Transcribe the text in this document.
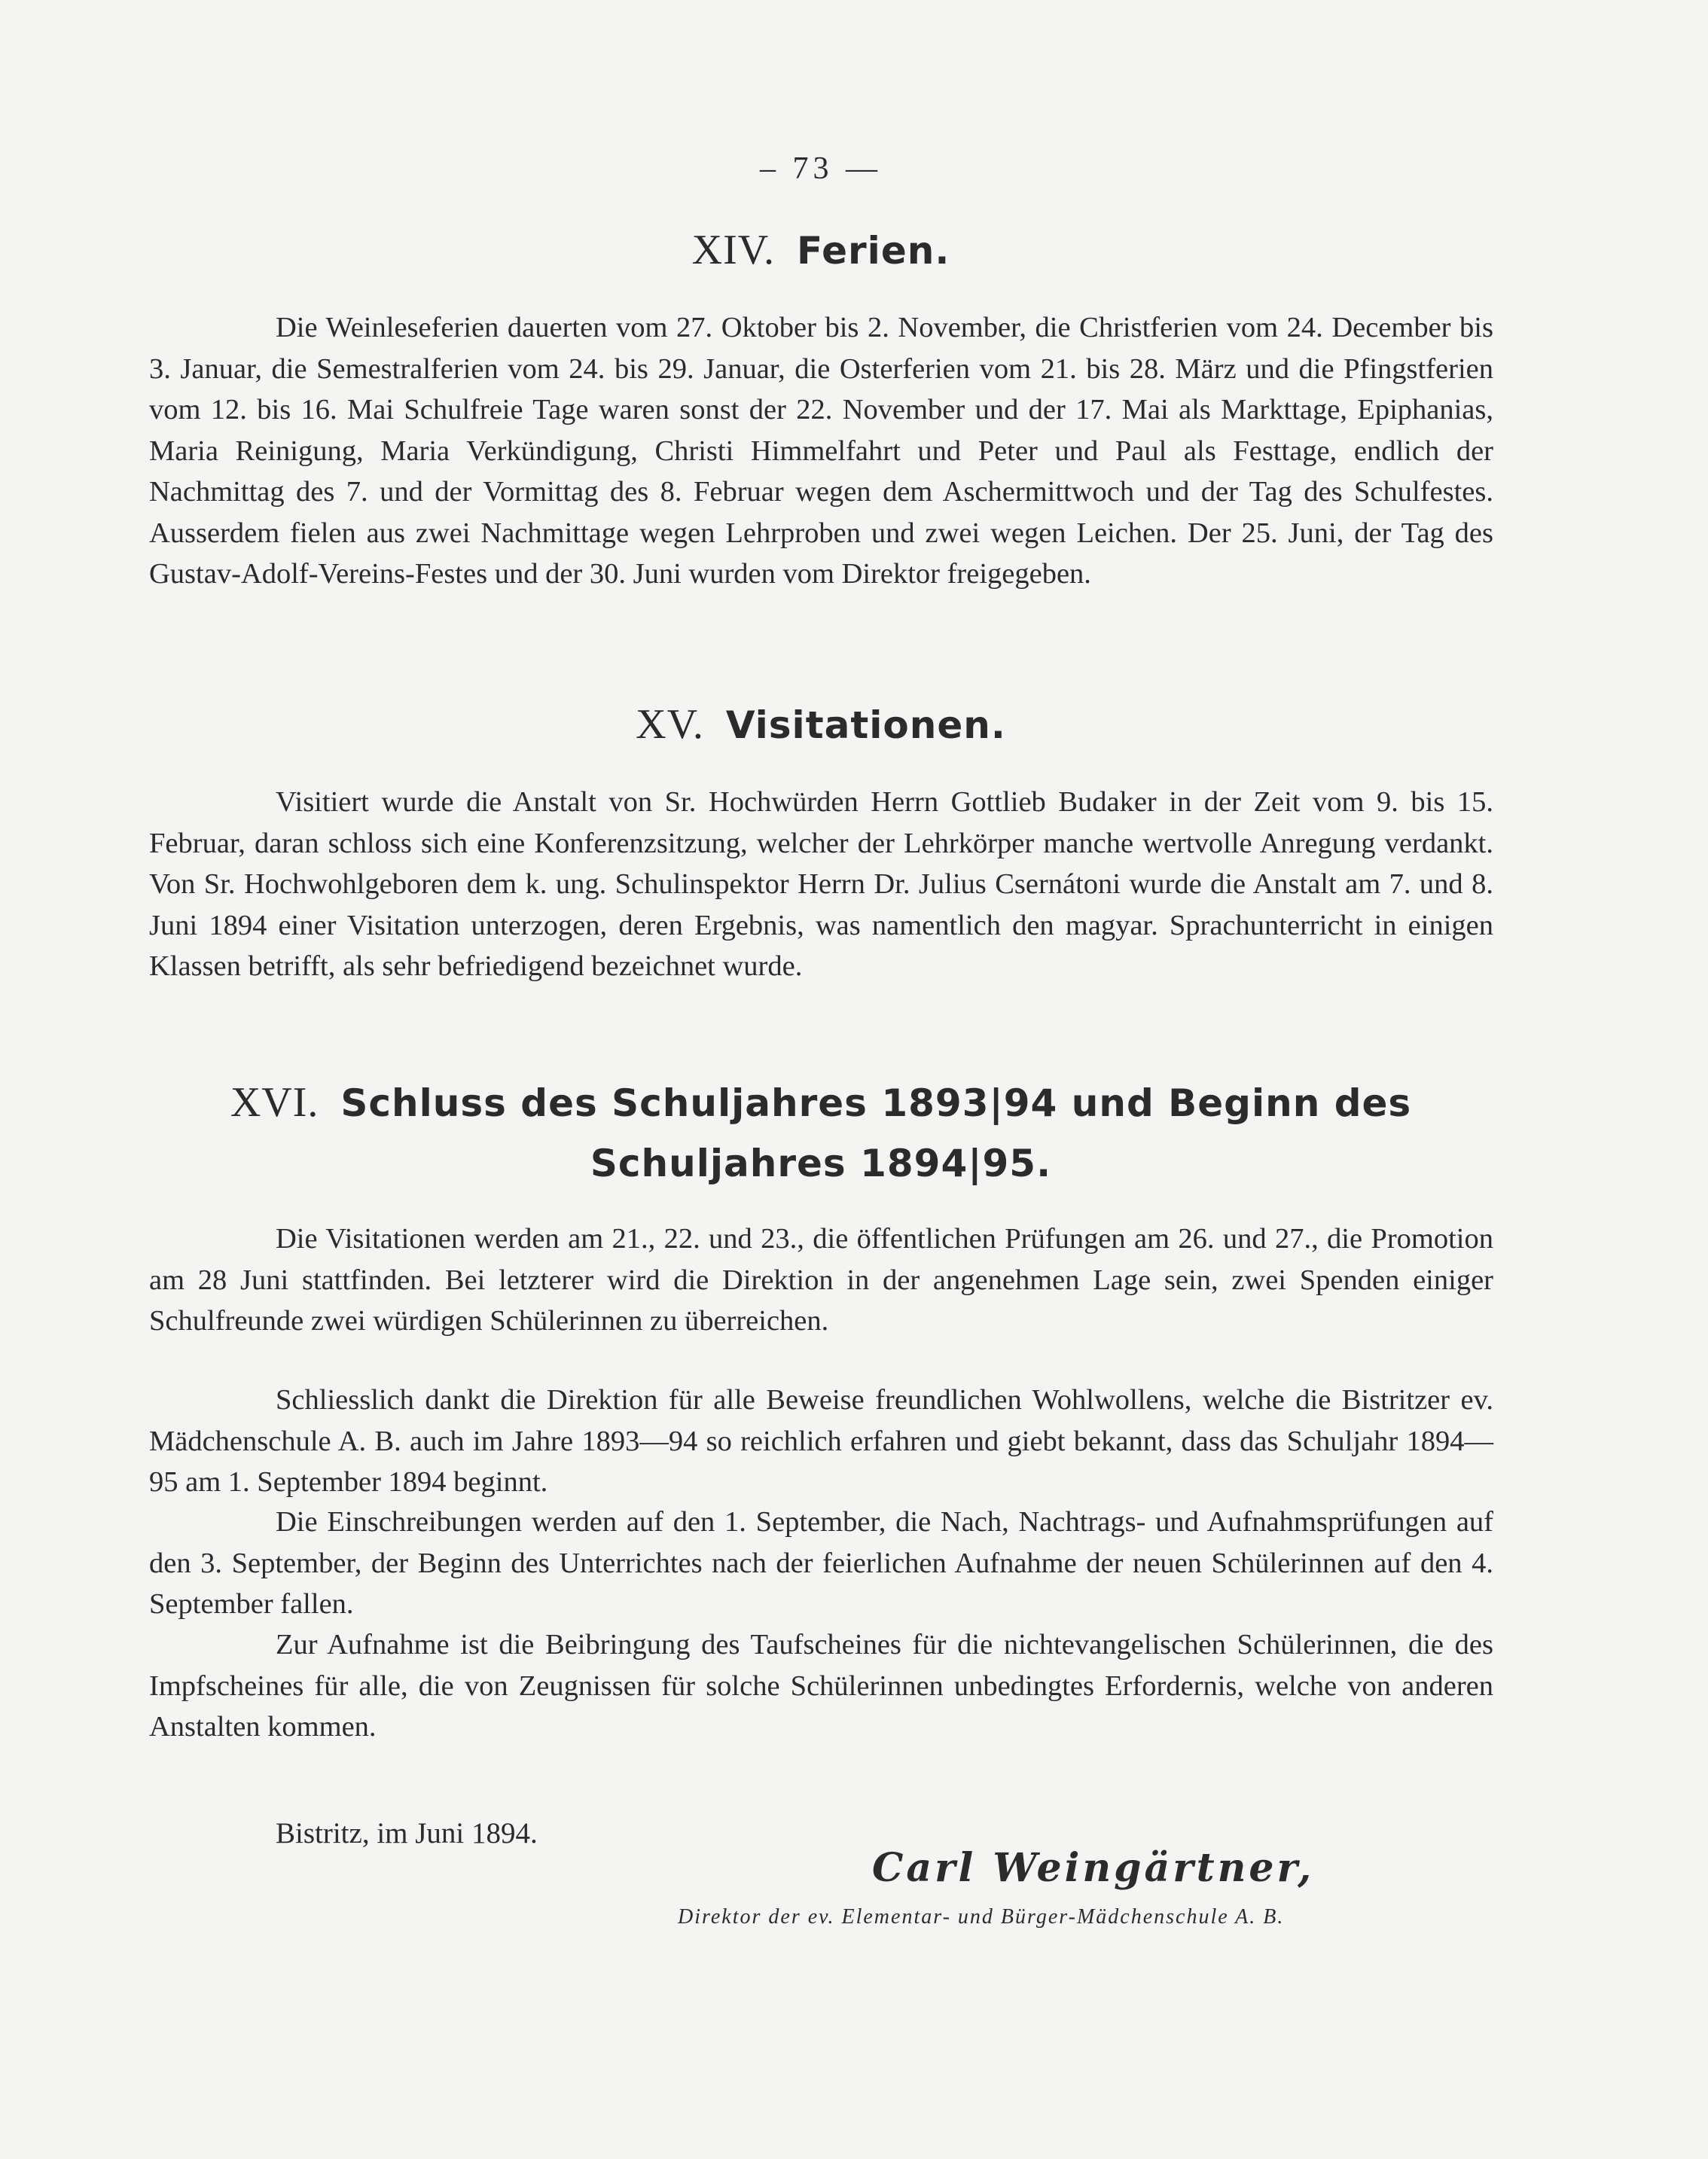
– 73 —
XIV. Ferien.

Die Weinleseferien dauerten vom 27. Oktober bis 2. November, die Christferien vom 24. December bis 3. Januar, die Semestralferien vom 24. bis 29. Januar, die Osterferien vom 21. bis 28. März und die Pfingstferien vom 12. bis 16. Mai Schulfreie Tage waren sonst der 22. November und der 17. Mai als Markttage, Epiphanias, Maria Reinigung, Maria Verkündigung, Christi Himmelfahrt und Peter und Paul als Festtage, endlich der Nachmittag des 7. und der Vormittag des 8. Februar wegen dem Aschermittwoch und der Tag des Schulfestes. Ausserdem fielen aus zwei Nachmittage wegen Lehrproben und zwei wegen Leichen. Der 25. Juni, der Tag des Gustav-Adolf-Vereins-Festes und der 30. Juni wurden vom Direktor freigegeben.

XV. Visitationen.

Visitiert wurde die Anstalt von Sr. Hochwürden Herrn Gottlieb Budaker in der Zeit vom 9. bis 15. Februar, daran schloss sich eine Konferenzsitzung, welcher der Lehrkörper manche wertvolle Anregung verdankt. Von Sr. Hochwohlgeboren dem k. ung. Schulinspektor Herrn Dr. Julius Csernátoni wurde die Anstalt am 7. und 8. Juni 1894 einer Visitation unterzogen, deren Ergebnis, was namentlich den magyar. Sprachunterricht in einigen Klassen betrifft, als sehr befriedigend bezeichnet wurde.

XVI. Schluss des Schuljahres 1893|94 und Beginn des
Schuljahres 1894|95.

Die Visitationen werden am 21., 22. und 23., die öffentlichen Prüfungen am 26. und 27., die Promotion am 28 Juni stattfinden. Bei letzterer wird die Direktion in der angenehmen Lage sein, zwei Spenden einiger Schulfreunde zwei würdigen Schülerinnen zu überreichen.

Schliesslich dankt die Direktion für alle Beweise freundlichen Wohlwollens, welche die Bistritzer ev. Mädchenschule A. B. auch im Jahre 1893—94 so reichlich erfahren und giebt bekannt, dass das Schuljahr 1894—95 am 1. September 1894 beginnt.

Die Einschreibungen werden auf den 1. September, die Nach, Nachtrags- und Aufnahmsprüfungen auf den 3. September, der Beginn des Unterrichtes nach der feierlichen Aufnahme der neuen Schülerinnen auf den 4. September fallen.

Zur Aufnahme ist die Beibringung des Taufscheines für die nichtevangelischen Schülerinnen, die des Impfscheines für alle, die von Zeugnissen für solche Schülerinnen unbedingtes Erfordernis, welche von anderen Anstalten kommen.

Bistritz, im Juni 1894.
Carl Weingärtner,
Direktor der ev. Elementar- und Bürger-Mädchenschule A. B.
